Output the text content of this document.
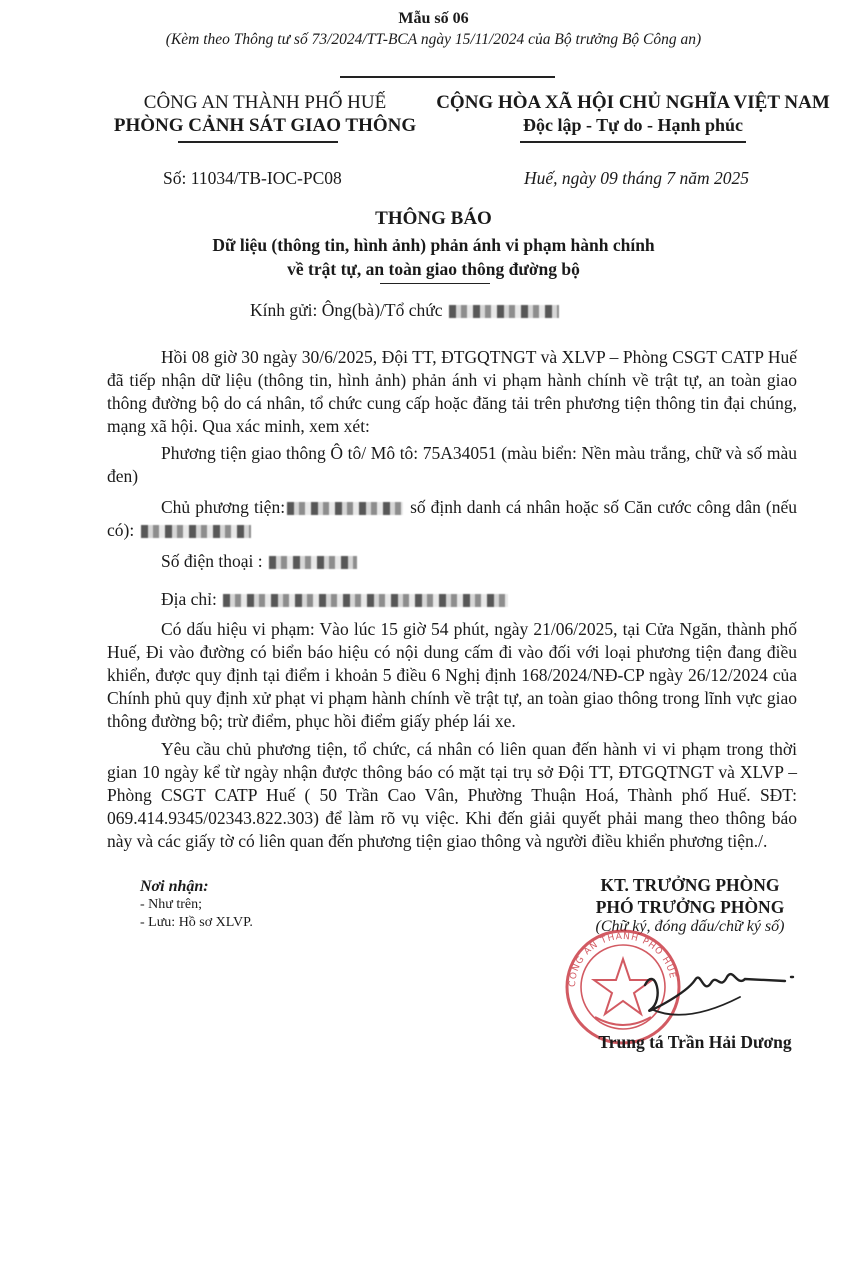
Mẫu số 06
(Kèm theo Thông tư số 73/2024/TT-BCA ngày 15/11/2024 của Bộ trưởng Bộ Công an)
CÔNG AN THÀNH PHỐ HUẾ
PHÒNG CẢNH SÁT GIAO THÔNG
Số: 11034/TB-IOC-PC08
CỘNG HÒA XÃ HỘI CHỦ NGHĨA VIỆT NAM
Độc lập - Tự do - Hạnh phúc
Huế, ngày 09 tháng 7 năm 2025
THÔNG BÁO
Dữ liệu (thông tin, hình ảnh) phản ánh vi phạm hành chính
về trật tự, an toàn giao thông đường bộ
Kính gửi: Ông(bà)/Tổ chức
Hồi 08 giờ 30 ngày 30/6/2025, Đội TT, ĐTGQTNGT và XLVP – Phòng CSGT CATP Huế đã tiếp nhận dữ liệu (thông tin, hình ảnh) phản ánh vi phạm hành chính về trật tự, an toàn giao thông đường bộ do cá nhân, tổ chức cung cấp hoặc đăng tải trên phương tiện thông tin đại chúng, mạng xã hội. Qua xác minh, xem xét:
Phương tiện giao thông Ô tô/ Mô tô: 75A34051 (màu biển: Nền màu trắng, chữ và số màu đen)
Chủ phương tiện:	số định danh cá nhân hoặc số Căn cước công dân (nếu có):
Số điện thoại :
Địa chỉ:
Có dấu hiệu vi phạm: Vào lúc 15 giờ 54 phút, ngày 21/06/2025, tại Cửa Ngăn, thành phố Huế, Đi vào đường có biển báo hiệu có nội dung cấm đi vào đối với loại phương tiện đang điều khiển, được quy định tại điểm i khoản 5 điều 6 Nghị định 168/2024/NĐ-CP ngày 26/12/2024 của Chính phủ quy định xử phạt vi phạm hành chính về trật tự, an toàn giao thông trong lĩnh vực giao thông đường bộ; trừ điểm, phục hồi điểm giấy phép lái xe.
Yêu cầu chủ phương tiện, tổ chức, cá nhân có liên quan đến hành vi vi phạm trong thời gian 10 ngày kể từ ngày nhận được thông báo có mặt tại trụ sở Đội TT, ĐTGQTNGT và XLVP – Phòng CSGT CATP Huế ( 50 Trần Cao Vân, Phường Thuận Hoá, Thành phố Huế. SĐT: 069.414.9345/02343.822.303) để làm rõ vụ việc. Khi đến giải quyết phải mang theo thông báo này và các giấy tờ có liên quan đến phương tiện giao thông và người điều khiển phương tiện./.
Nơi nhận:
- Như trên;
- Lưu: Hồ sơ XLVP.
KT. TRƯỞNG PHÒNG
PHÓ TRƯỞNG PHÒNG
(Chữ ký, đóng dấu/chữ ký số)
CÔNG AN THÀNH PHỐ HUẾ
Trung tá Trần Hải Dương
